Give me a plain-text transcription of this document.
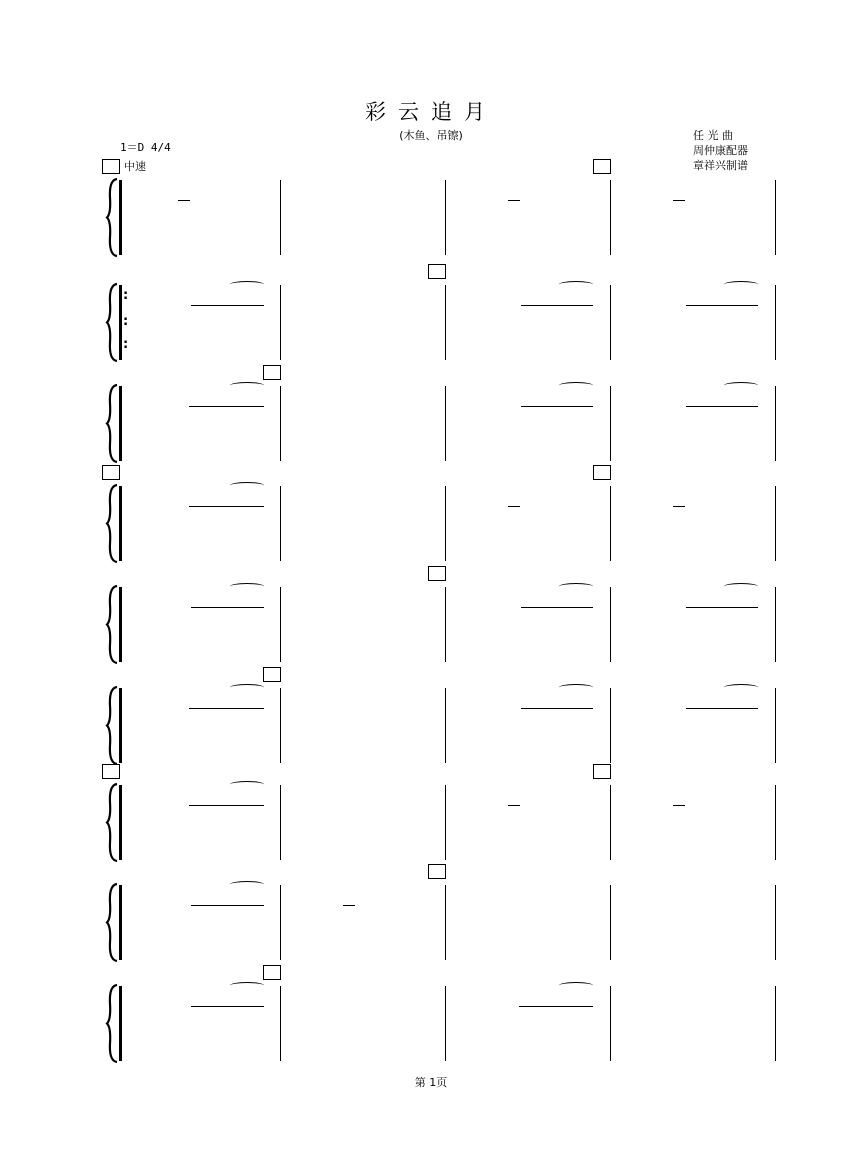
彩云追月
(木鱼、吊镲)	任 光 曲
周仲康配器
章祥兴制谱
1＝D 4/4
中速
:
:
:
第 1页
